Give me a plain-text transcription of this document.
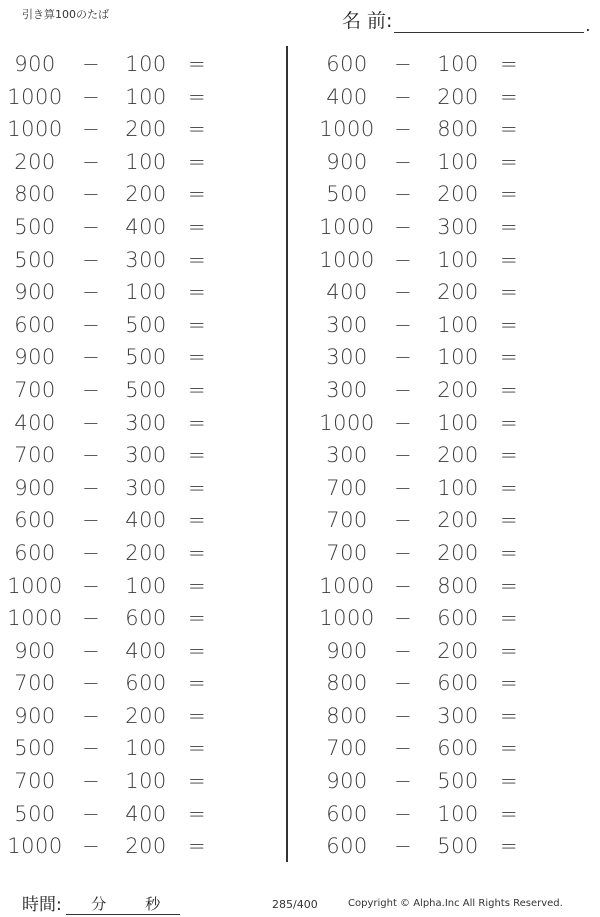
引き算100のたば	名 前:
.
900	−	100	=
1000 −	100	=
1000 −	200	=
200	−	100	=
800	−	200	=
500	−	400	=
500	−	300	=
900	−	100	=
600	−	500	=
900	−	500	=
700	−	500	=
400	−	300	=
700	−	300	=
900	−	300	=
600	−	400	=
600	−	200	=
1000 −	100	=
1000 −	600	=
900	−	400	=
700	−	600	=
900	−	200	=
500	−	100	=
700	−	100	=
500	−	400	=
1000 −	200	=
600	−	100	=
400	−	200	=
1000 −	800	=
900	−	100	=
500	−	200	=
1000 −	300	=
1000 −	100	=
400	−	200	=
300	−	100	=
300	−	100	=
300	−	200	=
1000 −	100	=
300	−	200	=
700	−	100	=
700	−	200	=
700	−	200	=
1000 −	800	=
1000 −	600	=
900	−	200	=
800	−	600	=
800	−	300	=
700	−	600	=
900	−	500	=
600	−	100	=
600	−	500	=
時間: 分	秒	285/400	Copyright © Alpha.Inc All Rights Reserved.
